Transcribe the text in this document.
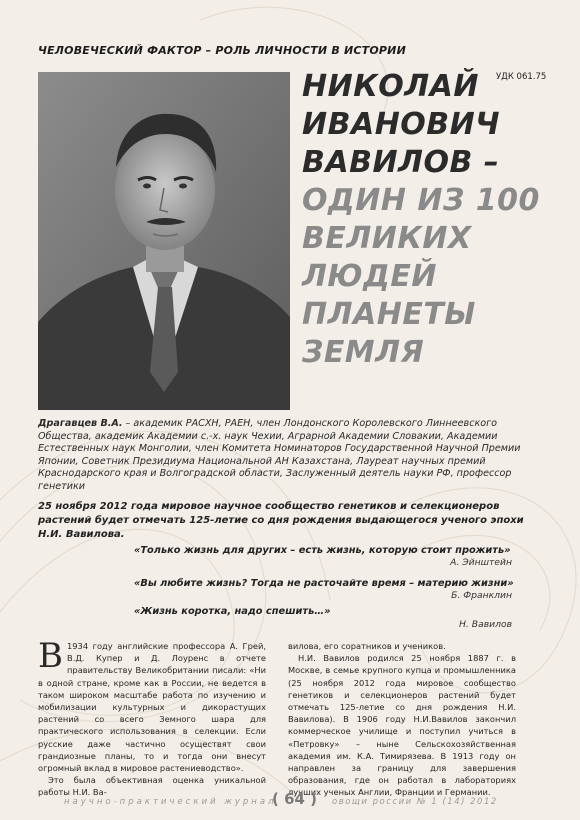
ЧЕЛОВЕЧЕСКИЙ ФАКТОР – РОЛЬ ЛИЧНОСТИ В ИСТОРИИ
УДК 061.75
НИКОЛАЙ
ИВАНОВИЧ
ВАВИЛОВ –
ОДИН ИЗ 100
ВЕЛИКИХ
ЛЮДЕЙ
ПЛАНЕТЫ
ЗЕМЛЯ
Драгавцев В.А. – академик РАСХН, РАЕН, член Лондонского Королевского Линнеевского Общества, академик Академии с.-х. наук Чехии, Аграрной Академии Словакии, Академии Естественных наук Монголии, член Комитета Номинаторов Государственной Научной Премии Японии, Советник Президиума Национальной АН Казахстана, Лауреат научных премий Краснодарского края и Волгоградской области, Заслуженный деятель науки РФ, профессор генетики
25 ноября 2012 года мировое научное сообщество генетиков и селекционеров растений будет отмечать 125-летие со дня рождения выдающегося ученого эпохи Н.И. Вавилова.
«Только жизнь для других – есть жизнь, которую стоит прожить»
А. Эйнштейн
«Вы любите жизнь? Тогда не расточайте время – материю жизни»
Б. Франклин
«Жизнь коротка, надо спешить…»
Н. Вавилов

В 1934 году английские профессора А. Грей, В.Д. Купер и Д. Лоуренс в отчете правительству Великобритании писали: «Ни в одной стране, кроме как в России, не ведется в таком широком масштабе работа по изучению и мобилизации культурных и дикорастущих растений со всего Земного шара для практического использования в селекции. Если русские даже частично осуществят свои грандиозные планы, то и тогда они внесут огромный вклад в мировое растениеводство».

Это была объективная оценка уникальной работы Н.И. Ва-

вилова, его соратников и учеников.

Н.И. Вавилов родился 25 ноября 1887 г. в Москве, в семье крупного купца и промышленника (25 ноября 2012 года мировое сообщество генетиков и селекционеров растений будет отмечать 125-летие со дня рождения Н.И. Вавилова). В 1906 году Н.И.Вавилов закончил коммерческое училище и поступил учиться в «Петровку» – ныне Сельскохозяйственная академия им. К.А. Тимирязева. В 1913 году он направлен за границу для завершения образования, где он работал в лабораториях лучших ученых Англии, Франции и Германии.

научно-практический журнал
( 64 ) овощи россии № 1 (14) 2012
